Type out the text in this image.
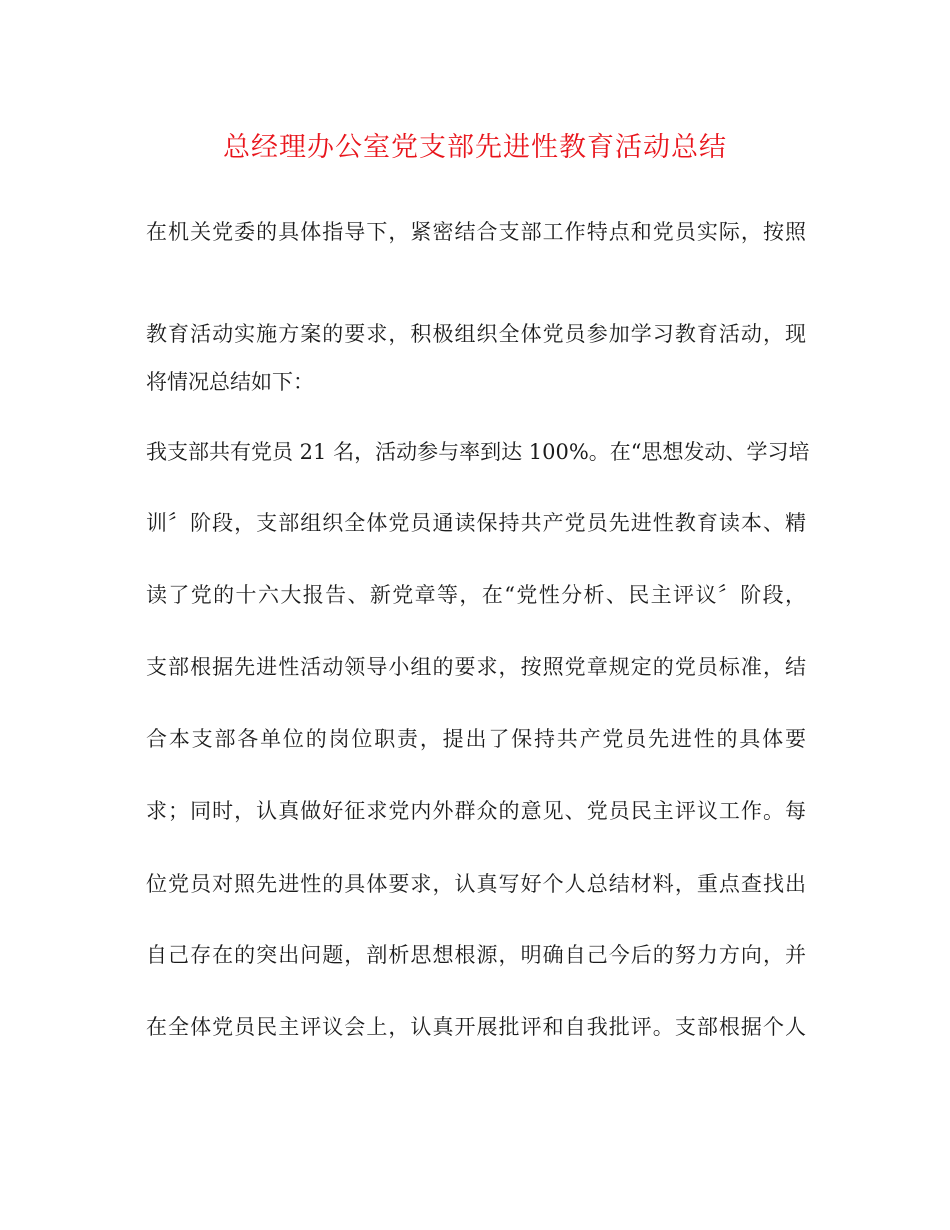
总经理办公室党支部先进性教育活动总结
在机关党委的具体指导下，紧密结合支部工作特点和党员实际，按照
教育活动实施方案的要求，积极组织全体党员参加学习教育活动，现
将情况总结如下：
我支部共有党员 21 名，活动参与率到达 100%。在“思想发动、学习培
训〞阶段，支部组织全体党员通读保持共产党员先进性教育读本、精
读了党的十六大报告、新党章等，在“党性分析、民主评议〞阶段，
支部根据先进性活动领导小组的要求，按照党章规定的党员标准，结
合本支部各单位的岗位职责，提出了保持共产党员先进性的具体要
求；同时，认真做好征求党内外群众的意见、党员民主评议工作。每
位党员对照先进性的具体要求，认真写好个人总结材料，重点查找出
自己存在的突出问题，剖析思想根源，明确自己今后的努力方向，并
在全体党员民主评议会上，认真开展批评和自我批评。支部根据个人
